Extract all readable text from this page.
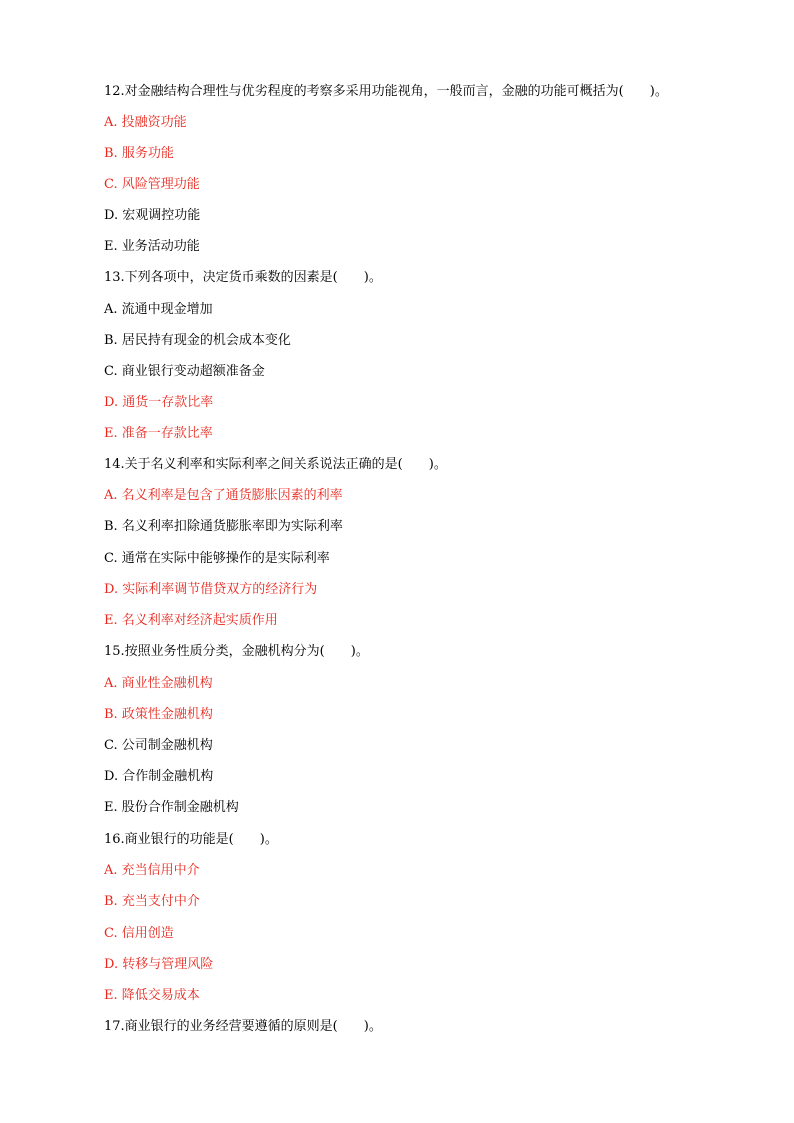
12.对金融结构合理性与优劣程度的考察多采用功能视角，一般而言，金融的功能可概括为(　　)。
A. 投融资功能
B. 服务功能
C. 风险管理功能
D. 宏观调控功能
E. 业务活动功能
13.下列各项中，决定货币乘数的因素是(　　)。
A. 流通中现金增加
B. 居民持有现金的机会成本变化
C. 商业银行变动超额准备金
D. 通货一存款比率
E. 准备一存款比率
14.关于名义利率和实际利率之间关系说法正确的是(　　)。
A. 名义利率是包含了通货膨胀因素的利率
B. 名义利率扣除通货膨胀率即为实际利率
C. 通常在实际中能够操作的是实际利率
D. 实际利率调节借贷双方的经济行为
E. 名义利率对经济起实质作用
15.按照业务性质分类，金融机构分为(　　)。
A. 商业性金融机构
B. 政策性金融机构
C. 公司制金融机构
D. 合作制金融机构
E. 股份合作制金融机构
16.商业银行的功能是(　　)。
A. 充当信用中介
B. 充当支付中介
C. 信用创造
D. 转移与管理风险
E. 降低交易成本
17.商业银行的业务经营要遵循的原则是(　　)。
